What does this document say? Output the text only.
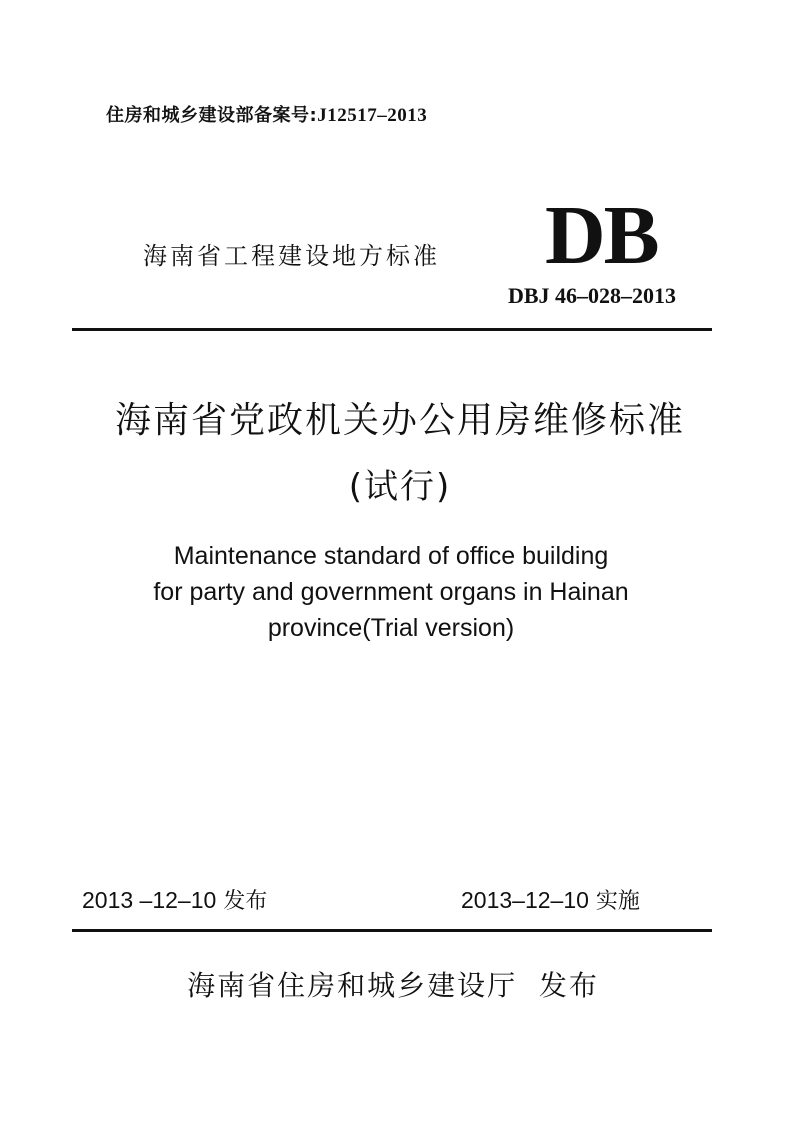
住房和城乡建设部备案号:J12517–2013
海南省工程建设地方标准 DB
DBJ 46–028–2013
海南省党政机关办公用房维修标准
(试行)
Maintenance standard of office building
for party and government organs in Hainan
province(Trial version)
2013 –12–10 发布	2013–12–10 实施
海南省住房和城乡建设厅 发布
